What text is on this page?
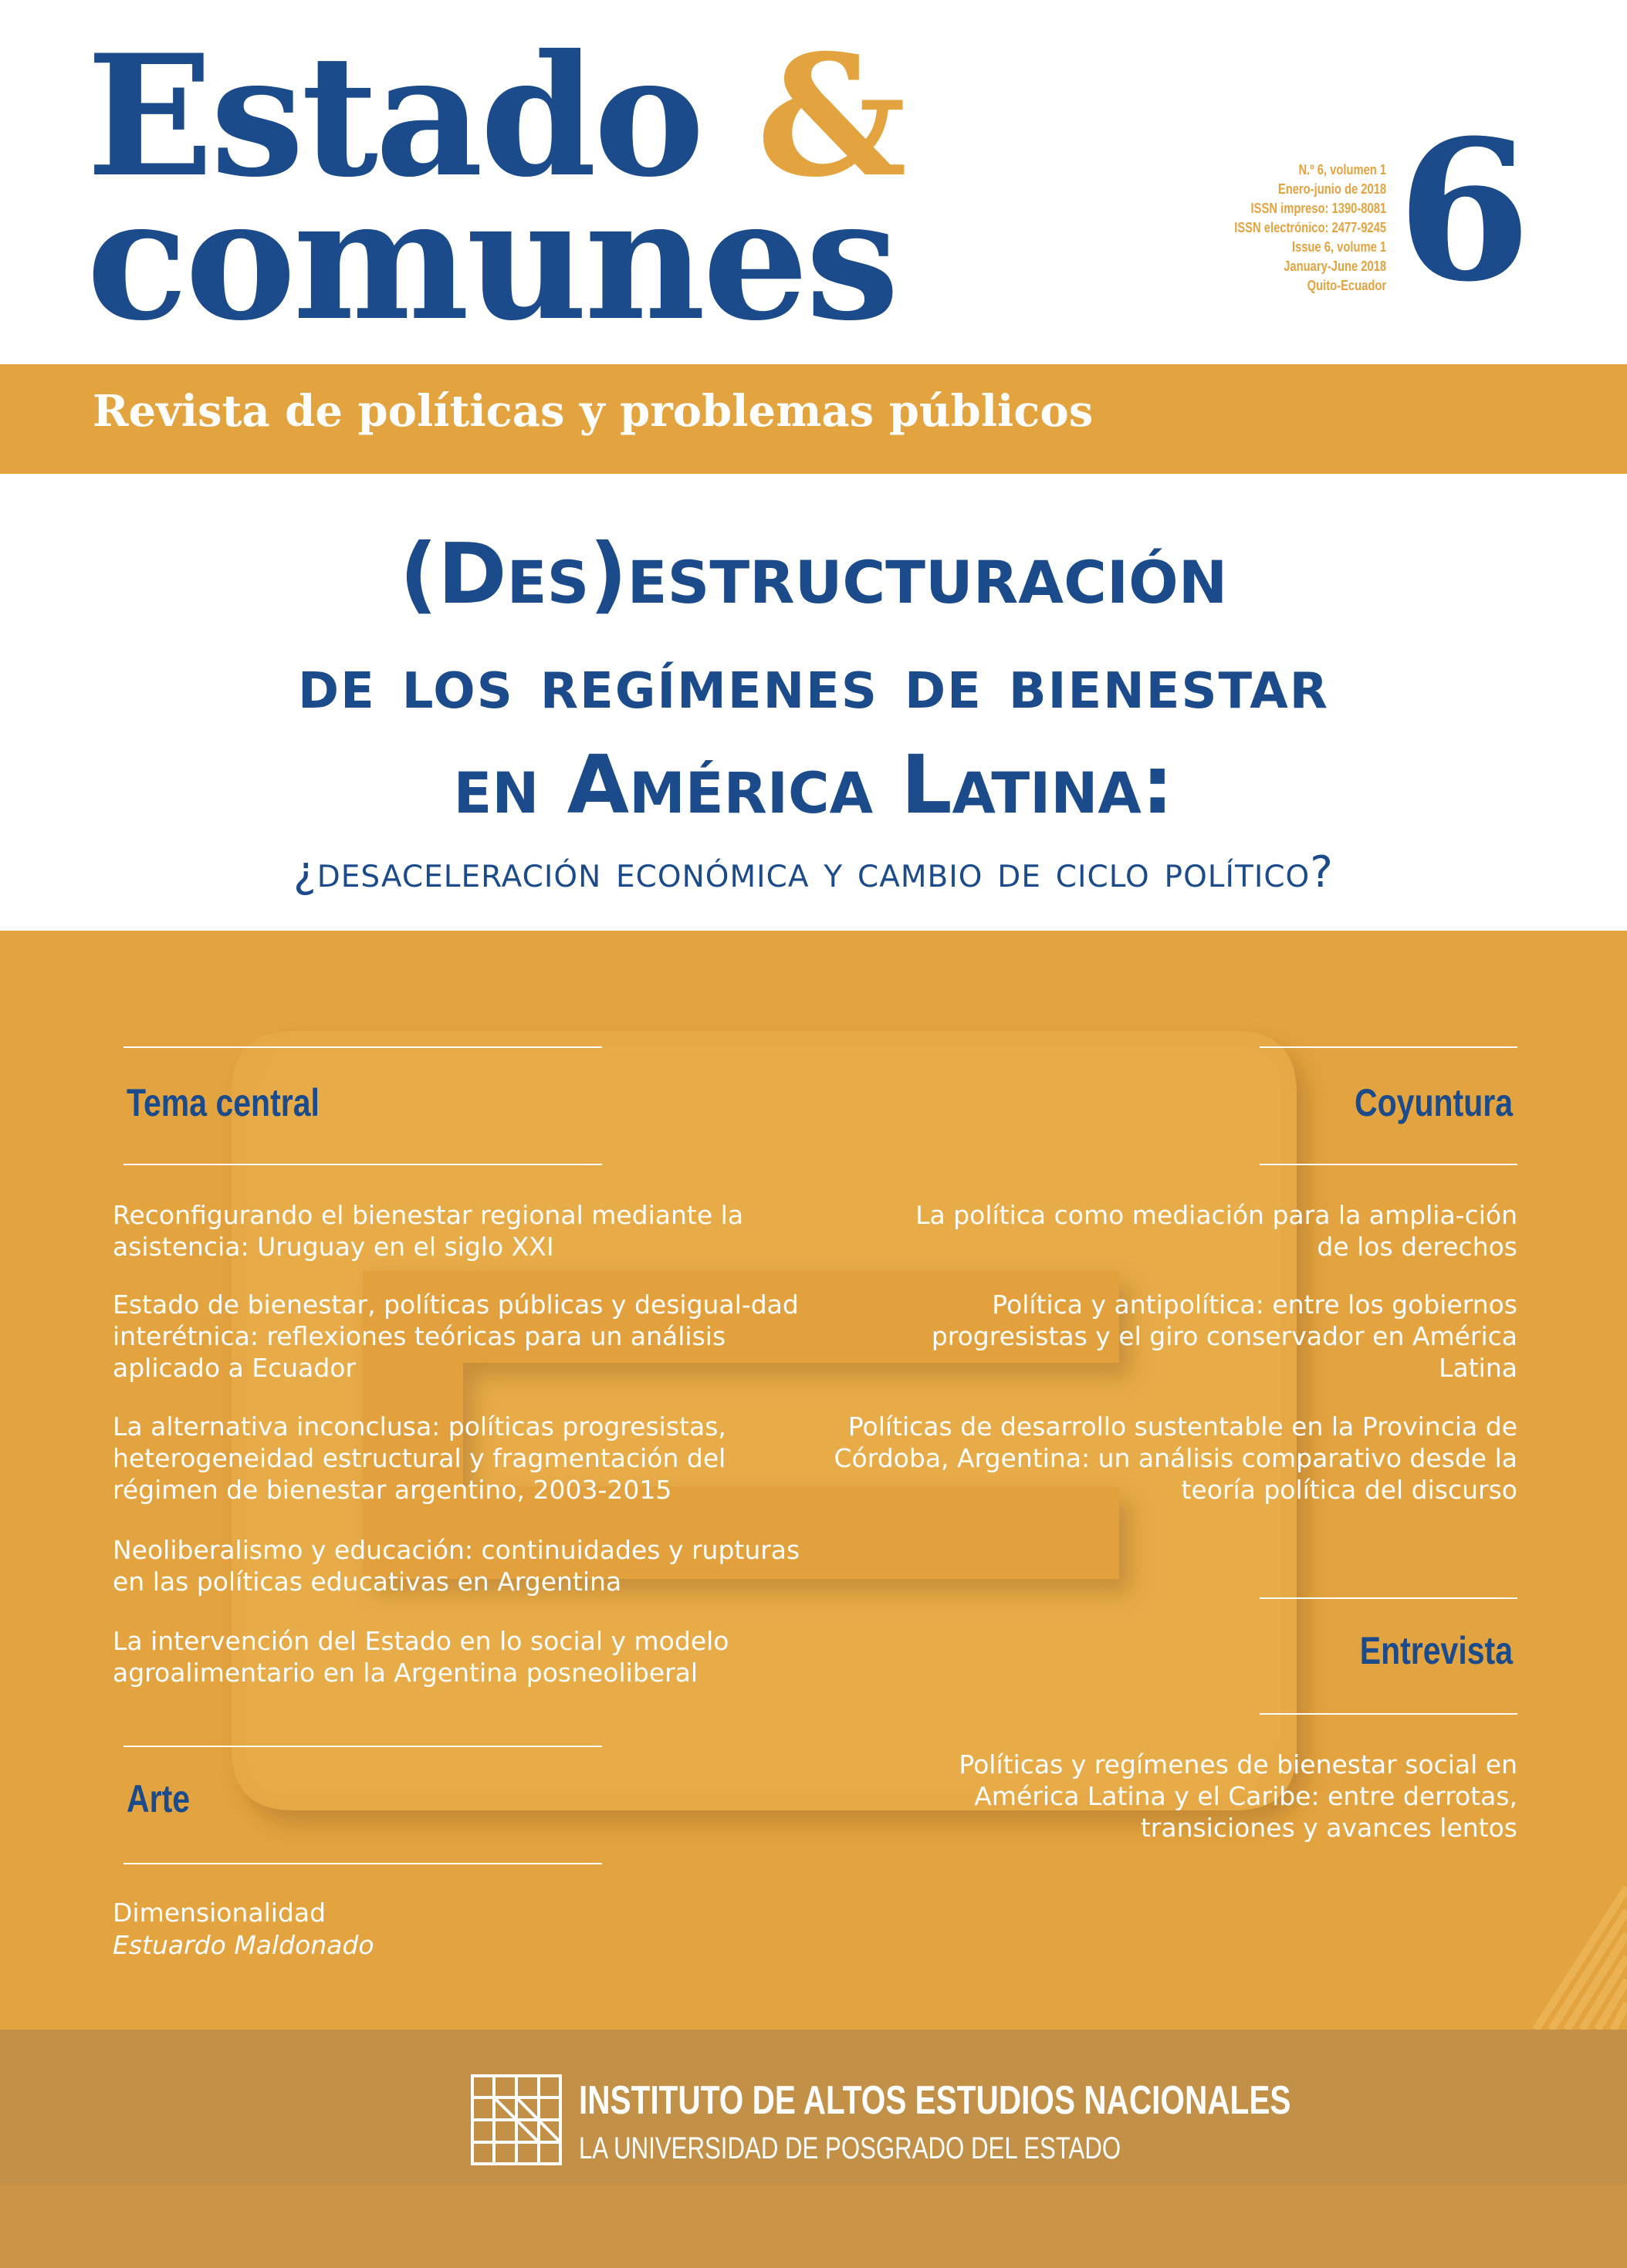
Estado &
comunes	N.º 6, volumen 1
Enero-junio de 2018
ISSN impreso: 1390-8081
ISSN electrónico: 2477-9245
Issue 6, volume 1
January-June 2018
Quito-Ecuador 6
Revista de políticas y problemas públicos
(Des)estructuración
de los regímenes de bienestar
en América Latina:
¿desaceleración económica y cambio de ciclo político?
Tema central
Reconfigurando el bienestar regional mediante la asistencia: Uruguay en el siglo XXI
Estado de bienestar, políticas públicas y desigual-dad interétnica: reflexiones teóricas para un análisis aplicado a Ecuador
La alternativa inconclusa: políticas progresistas, heterogeneidad estructural y fragmentación del régimen de bienestar argentino, 2003-2015
Neoliberalismo y educación: continuidades y rupturas en las políticas educativas en Argentina
La intervención del Estado en lo social y modelo agroalimentario en la Argentina posneoliberal
Arte
Dimensionalidad
Estuardo Maldonado
Coyuntura
La política como mediación para la amplia-ción de los derechos
Política y antipolítica: entre los gobiernos progresistas y el giro conservador en América Latina
Políticas de desarrollo sustentable en la Provincia de Córdoba, Argentina: un análisis comparativo desde la teoría política del discurso
Entrevista
Políticas y regímenes de bienestar social en América Latina y el Caribe: entre derrotas, transiciones y avances lentos
INSTITUTO DE ALTOS ESTUDIOS NACIONALES
LA UNIVERSIDAD DE POSGRADO DEL ESTADO
